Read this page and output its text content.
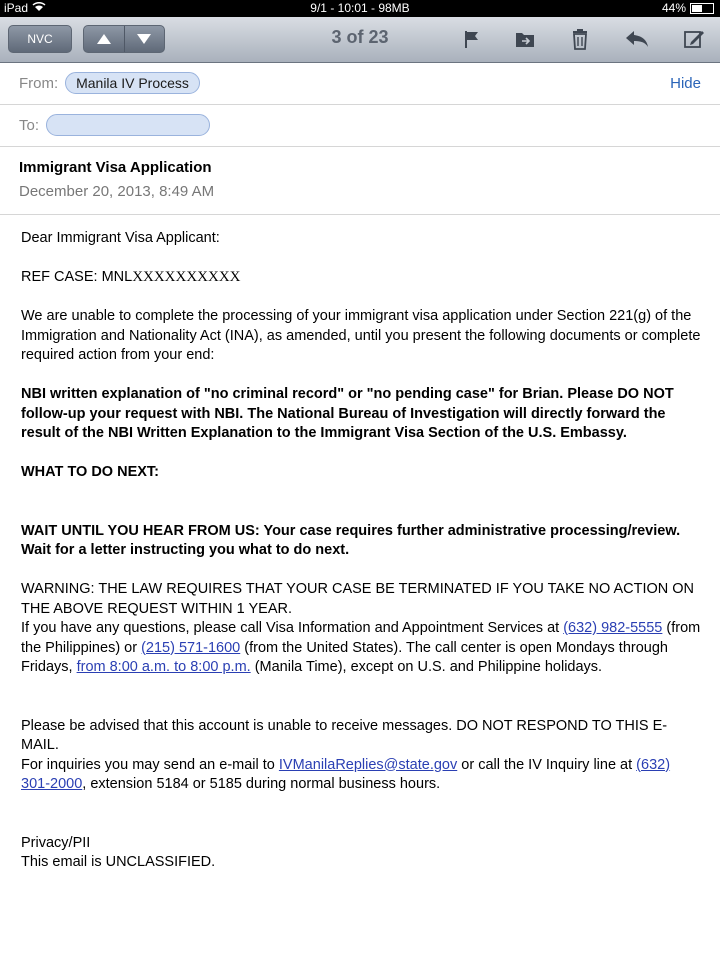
iPad	9/1 - 10:01 - 98MB	44%
NVC	3 of 23
From:	Manila IV Process	Hide
To:
Immigrant Visa Application
December 20, 2013, 8:49 AM

Dear Immigrant Visa Applicant:

REF CASE: MNLXXXXXXXXXX

We are unable to complete the processing of your immigrant visa application under Section 221(g) of the Immigration and Nationality Act (INA), as amended, until you present the following documents or complete required action from your end:

NBI written explanation of "no criminal record" or "no pending case" for Brian. Please DO NOT follow-up your request with NBI. The National Bureau of Investigation will directly forward the result of the NBI Written Explanation to the Immigrant Visa Section of the U.S. Embassy.

WHAT TO DO NEXT:

WAIT UNTIL YOU HEAR FROM US: Your case requires further administrative processing/review. Wait for a letter instructing you what to do next.

WARNING: THE LAW REQUIRES THAT YOUR CASE BE TERMINATED IF YOU TAKE NO ACTION ON THE ABOVE REQUEST WITHIN 1 YEAR.

If you have any questions, please call Visa Information and Appointment Services at (632) 982-5555 (from the Philippines) or (215) 571-1600 (from the United States). The call center is open Mondays through Fridays, from 8:00 a.m. to 8:00 p.m. (Manila Time), except on U.S. and Philippine holidays.

Please be advised that this account is unable to receive messages. DO NOT RESPOND TO THIS E-MAIL.

For inquiries you may send an e-mail to IVManilaReplies@state.gov or call the IV Inquiry line at (632) 301-2000, extension 5184 or 5185 during normal business hours.

Privacy/PII

This email is UNCLASSIFIED.
